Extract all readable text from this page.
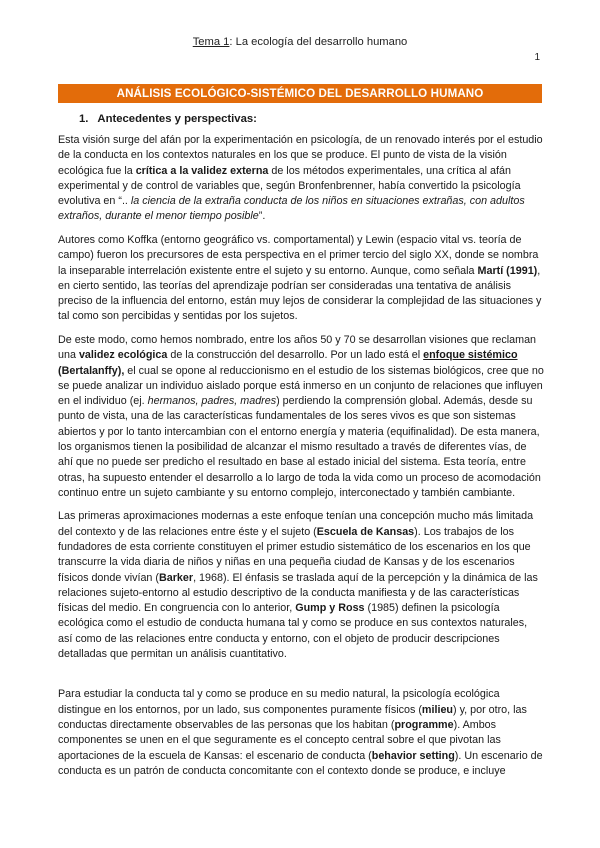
Tema 1: La ecología del desarrollo humano
1
ANÁLISIS ECOLÓGICO-SISTÉMICO DEL DESARROLLO HUMANO
1. Antecedentes y perspectivas:

Esta visión surge del afán por la experimentación en psicología, de un renovado interés por el estudio de la conducta en los contextos naturales en los que se produce. El punto de vista de la visión ecológica fue la crítica a la validez externa de los métodos experimentales, una crítica al afán experimental y de control de variables que, según Bronfenbrenner, había convertido la psicología evolutiva en “.. la ciencia de la extraña conducta de los niños en situaciones extrañas, con adultos extraños, durante el menor tiempo posible”.

Autores como Koffka (entorno geográfico vs. comportamental) y Lewin (espacio vital vs. teoría de campo) fueron los precursores de esta perspectiva en el primer tercio del siglo XX, donde se nombra la inseparable interrelación existente entre el sujeto y su entorno. Aunque, como señala Martí (1991), en cierto sentido, las teorías del aprendizaje podrían ser consideradas una tentativa de análisis preciso de la influencia del entorno, están muy lejos de considerar la complejidad de las situaciones y tal como son percibidas y sentidas por los sujetos.

De este modo, como hemos nombrado, entre los años 50 y 70 se desarrollan visiones que reclaman una validez ecológica de la construcción del desarrollo. Por un lado está el enfoque sistémico (Bertalanffy), el cual se opone al reduccionismo en el estudio de los sistemas biológicos, cree que no se puede analizar un individuo aislado porque está inmerso en un conjunto de relaciones que influyen en el individuo (ej. hermanos, padres, madres) perdiendo la comprensión global. Además, desde su punto de vista, una de las características fundamentales de los seres vivos es que son sistemas abiertos y por lo tanto intercambian con el entorno energía y materia (equifinalidad). De esta manera, los organismos tienen la posibilidad de alcanzar el mismo resultado a través de diferentes vías, de ahí que no puede ser predicho el resultado en base al estado inicial del sistema. Esta teoría, entre otras, ha supuesto entender el desarrollo a lo largo de toda la vida como un proceso de acomodación continuo entre un sujeto cambiante y su entorno complejo, interconectado y también cambiante.

Las primeras aproximaciones modernas a este enfoque tenían una concepción mucho más limitada del contexto y de las relaciones entre éste y el sujeto (Escuela de Kansas). Los trabajos de los fundadores de esta corriente constituyen el primer estudio sistemático de los escenarios en los que transcurre la vida diaria de niños y niñas en una pequeña ciudad de Kansas y de los escenarios físicos donde vivían (Barker, 1968). El énfasis se traslada aquí de la percepción y la dinámica de las relaciones sujeto-entorno al estudio descriptivo de la conducta manifiesta y de las características físicas del medio. En congruencia con lo anterior, Gump y Ross (1985) definen la psicología ecológica como el estudio de conducta humana tal y como se produce en sus contextos naturales, así como de las relaciones entre conducta y entorno, con el objeto de producir descripciones detalladas que permitan un análisis cuantitativo.

Para estudiar la conducta tal y como se produce en su medio natural, la psicología ecológica distingue en los entornos, por un lado, sus componentes puramente físicos (milieu) y, por otro, las conductas directamente observables de las personas que los habitan (programme). Ambos componentes se unen en el que seguramente es el concepto central sobre el que pivotan las aportaciones de la escuela de Kansas: el escenario de conducta (behavior setting). Un escenario de conducta es un patrón de conducta concomitante con el contexto donde se produce, e incluye
